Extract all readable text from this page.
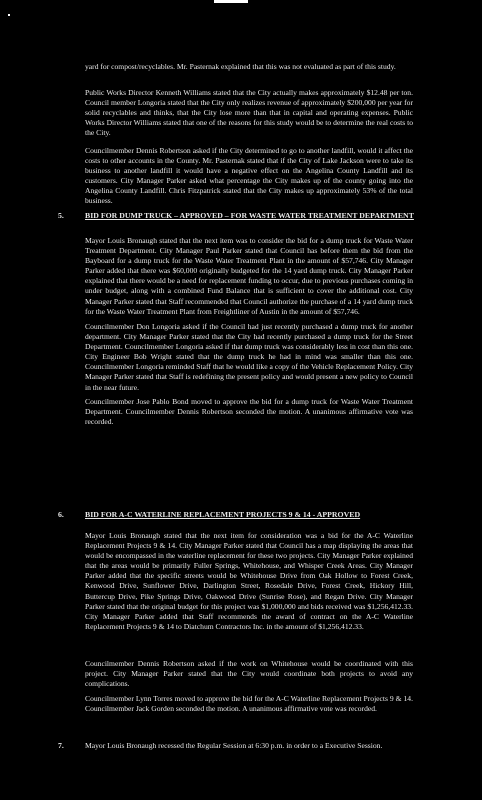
yard for compost/recyclables. Mr. Pasternak explained that this was not evaluated as part of this study.

Public Works Director Kenneth Williams stated that the City actually makes approximately $12.48 per ton. Council member Longoria stated that the City only realizes revenue of approximately $200,000 per year for solid recyclables and thinks, that the City lose more than that in capital and operating expenses. Public Works Director Williams stated that one of the reasons for this study would be to determine the real costs to the City.

Councilmember Dennis Robertson asked if the City determined to go to another landfill, would it affect the costs to other accounts in the County. Mr. Pasternak stated that if the City of Lake Jackson were to take its business to another landfill it would have a negative effect on the Angelina County Landfill and its customers. City Manager Parker asked what percentage the City makes up of the county going into the Angelina County Landfill. Chris Fitzpatrick stated that the City makes up approximately 53% of the total business.

5.	BID FOR DUMP TRUCK – APPROVED – FOR WASTE WATER TREATMENT DEPARTMENT

Mayor Louis Bronaugh stated that the next item was to consider the bid for a dump truck for Waste Water Treatment Department. City Manager Paul Parker stated that Council has before them the bid from the Bayboard for a dump truck for the Waste Water Treatment Plant in the amount of $57,746. City Manager Parker added that there was $60,000 originally budgeted for the 14 yard dump truck. City Manager Parker explained that there would be a need for replacement funding to occur, due to previous purchases coming in under budget, along with a combined Fund Balance that is sufficient to cover the additional cost. City Manager Parker stated that Staff recommended that Council authorize the purchase of a 14 yard dump truck for the Waste Water Treatment Plant from Freightliner of Austin in the amount of $57,746.

Councilmember Don Longoria asked if the Council had just recently purchased a dump truck for another department. City Manager Parker stated that the City had recently purchased a dump truck for the Street Department. Councilmember Longoria asked if that dump truck was considerably less in cost than this one. City Engineer Bob Wright stated that the dump truck he had in mind was smaller than this one. Councilmember Longoria reminded Staff that he would like a copy of the Vehicle Replacement Policy. City Manager Parker stated that Staff is redefining the present policy and would present a new policy to Council in the near future.

Councilmember Jose Pablo Bond moved to approve the bid for a dump truck for Waste Water Treatment Department. Councilmember Dennis Robertson seconded the motion. A unanimous affirmative vote was recorded.

6.	BID FOR A-C WATERLINE REPLACEMENT PROJECTS 9 & 14 - APPROVED

Mayor Louis Bronaugh stated that the next item for consideration was a bid for the A-C Waterline Replacement Projects 9 & 14. City Manager Parker stated that Council has a map displaying the areas that would be encompassed in the waterline replacement for these two projects. City Manager Parker explained that the areas would be primarily Fuller Springs, Whitehouse, and Whisper Creek Areas. City Manager Parker added that the specific streets would be Whitehouse Drive from Oak Hollow to Forest Creek, Kenwood Drive, Sunflower Drive, Darlington Street, Rosedale Drive, Forest Creek, Hickory Hill, Buttercup Drive, Pike Springs Drive, Oakwood Drive (Sunrise Rose), and Regan Drive. City Manager Parker stated that the original budget for this project was $1,000,000 and bids received was $1,256,412.33. City Manager Parker added that Staff recommends the award of contract on the A-C Waterline Replacement Projects 9 & 14 to Diatchum Contractors Inc. in the amount of $1,256,412.33.

Councilmember Dennis Robertson asked if the work on Whitehouse would be coordinated with this project. City Manager Parker stated that the City would coordinate both projects to avoid any complications.

Councilmember Lynn Torres moved to approve the bid for the A-C Waterline Replacement Projects 9 & 14. Councilmember Jack Gorden seconded the motion. A unanimous affirmative vote was recorded.

7.	Mayor Louis Bronaugh recessed the Regular Session at 6:30 p.m. in order to a Executive Session.
